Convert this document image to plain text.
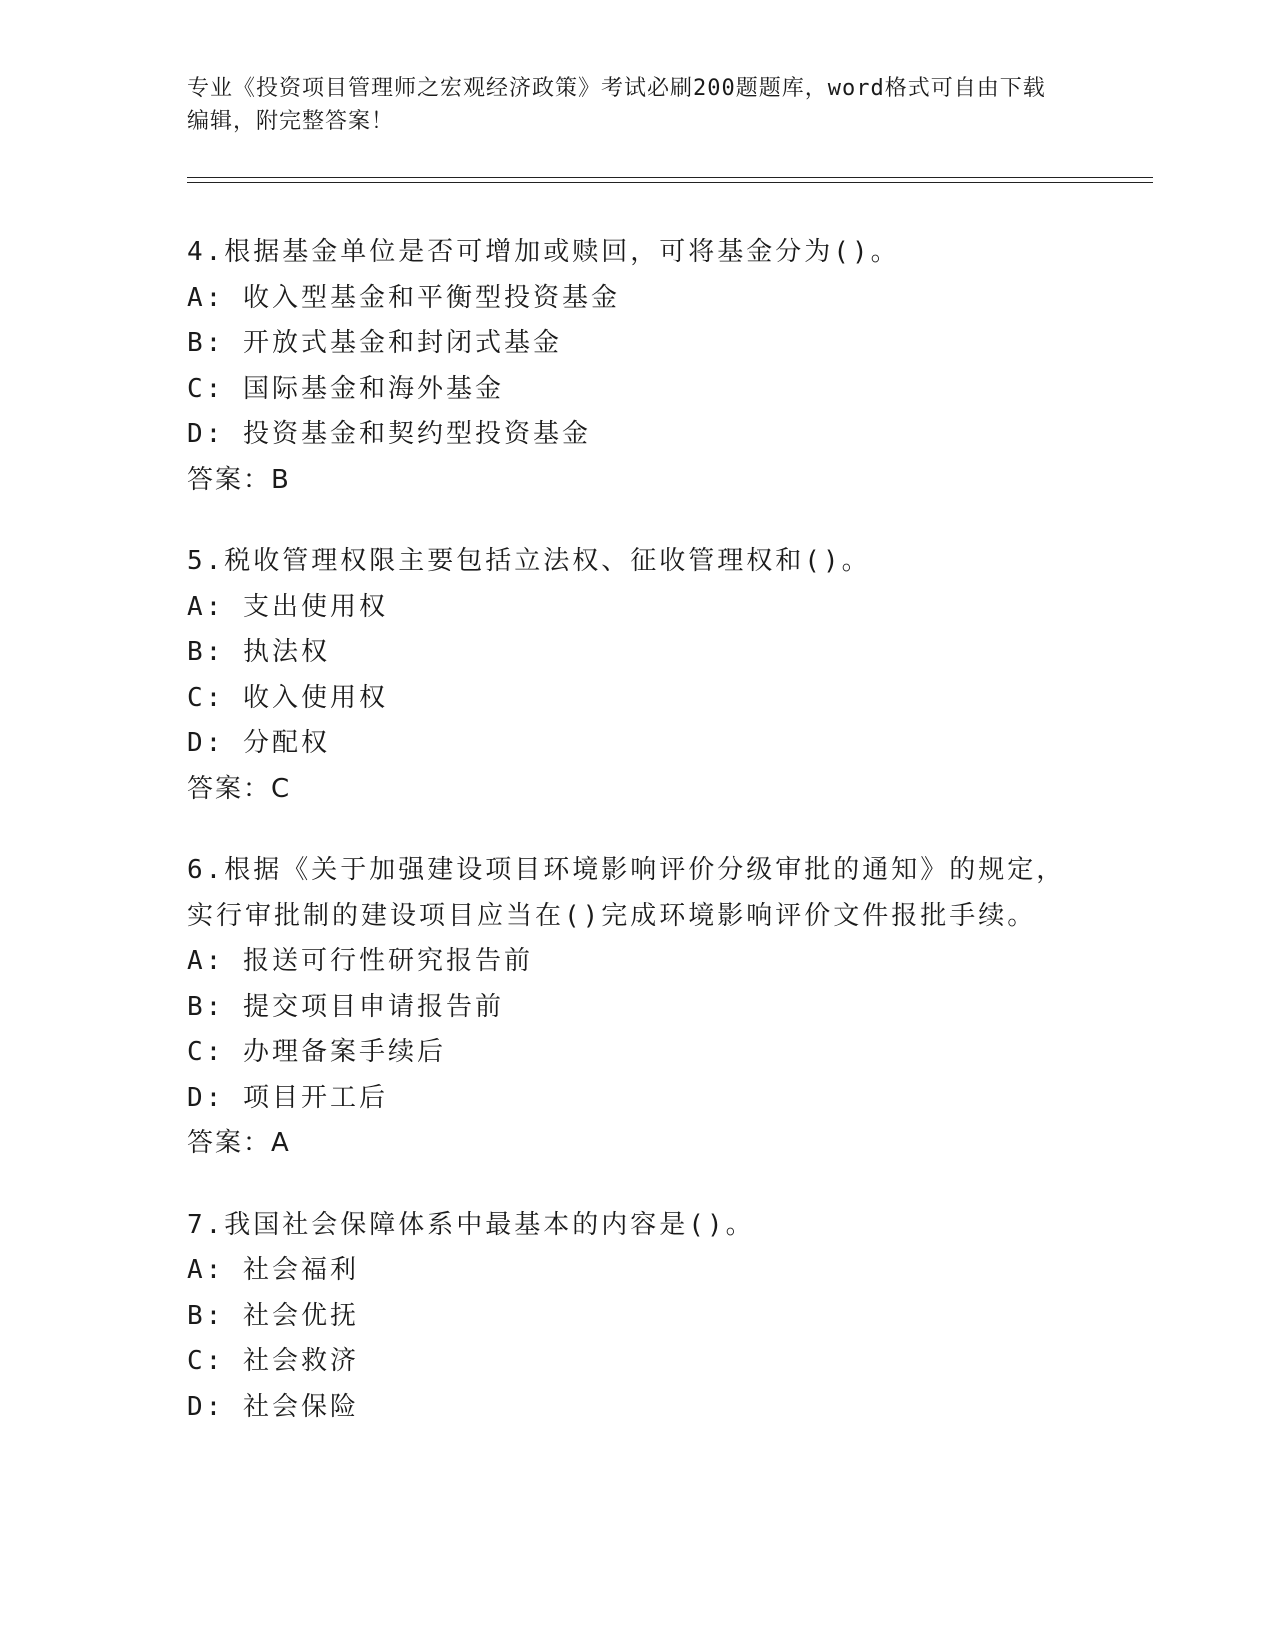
专业《投资项目管理师之宏观经济政策》考试必刷200题题库，word格式可自由下载编辑，附完整答案！
4.根据基金单位是否可增加或赎回，可将基金分为()。
A: 收入型基金和平衡型投资基金
B: 开放式基金和封闭式基金
C: 国际基金和海外基金
D: 投资基金和契约型投资基金
答案：B
5.税收管理权限主要包括立法权、征收管理权和()。
A: 支出使用权
B: 执法权
C: 收入使用权
D: 分配权
答案：C
6.根据《关于加强建设项目环境影响评价分级审批的通知》的规定，实行审批制的建设项目应当在()完成环境影响评价文件报批手续。
A: 报送可行性研究报告前
B: 提交项目申请报告前
C: 办理备案手续后
D: 项目开工后
答案：A
7.我国社会保障体系中最基本的内容是()。
A: 社会福利
B: 社会优抚
C: 社会救济
D: 社会保险
